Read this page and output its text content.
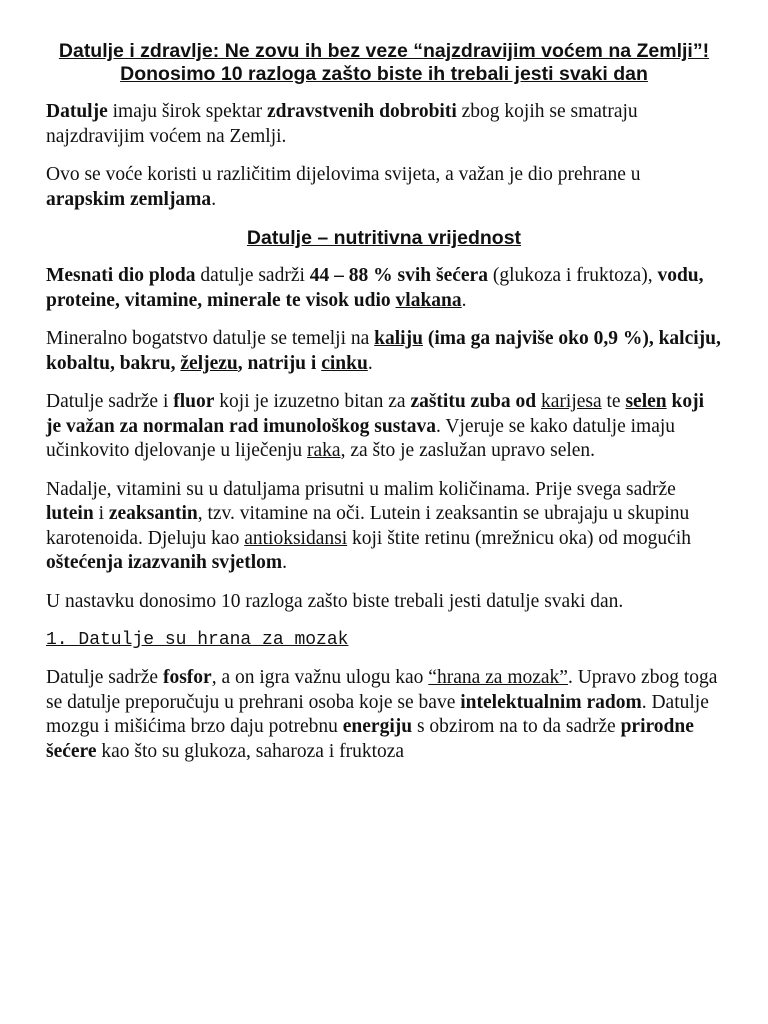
Datulje i zdravlje: Ne zovu ih bez veze “najzdravijim voćem na Zemlji”! Donosimo 10 razloga zašto biste ih trebali jesti svaki dan

Datulje imaju širok spektar zdravstvenih dobrobiti zbog kojih se smatraju najzdravijim voćem na Zemlji.

Ovo se voće koristi u različitim dijelovima svijeta, a važan je dio prehrane u arapskim zemljama.

Datulje – nutritivna vrijednost

Mesnati dio ploda datulje sadrži 44 – 88 % svih šećera (glukoza i fruktoza), vodu, proteine, vitamine, minerale te visok udio vlakana.

Mineralno bogatstvo datulje se temelji na kaliju (ima ga najviše oko 0,9 %), kalciju, kobaltu, bakru, željezu, natriju i cinku.

Datulje sadrže i fluor koji je izuzetno bitan za zaštitu zuba od karijesa te selen koji je važan za normalan rad imunološkog sustava. Vjeruje se kako datulje imaju učinkovito djelovanje u liječenju raka, za što je zaslužan upravo selen.

Nadalje, vitamini su u datuljama prisutni u malim količinama. Prije svega sadrže lutein i zeaksantin, tzv. vitamine na oči. Lutein i zeaksantin se ubrajaju u skupinu karotenoida. Djeluju kao antioksidansi koji štite retinu (mrežnicu oka) od mogućih oštećenja izazvanih svjetlom.

U nastavku donosimo 10 razloga zašto biste trebali jesti datulje svaki dan.

1. Datulje su hrana za mozak

Datulje sadrže fosfor, a on igra važnu ulogu kao “hrana za mozak”. Upravo zbog toga se datulje preporučuju u prehrani osoba koje se bave intelektualnim radom. Datulje mozgu i mišićima brzo daju potrebnu energiju s obzirom na to da sadrže prirodne šećere kao što su glukoza, saharoza i fruktoza
